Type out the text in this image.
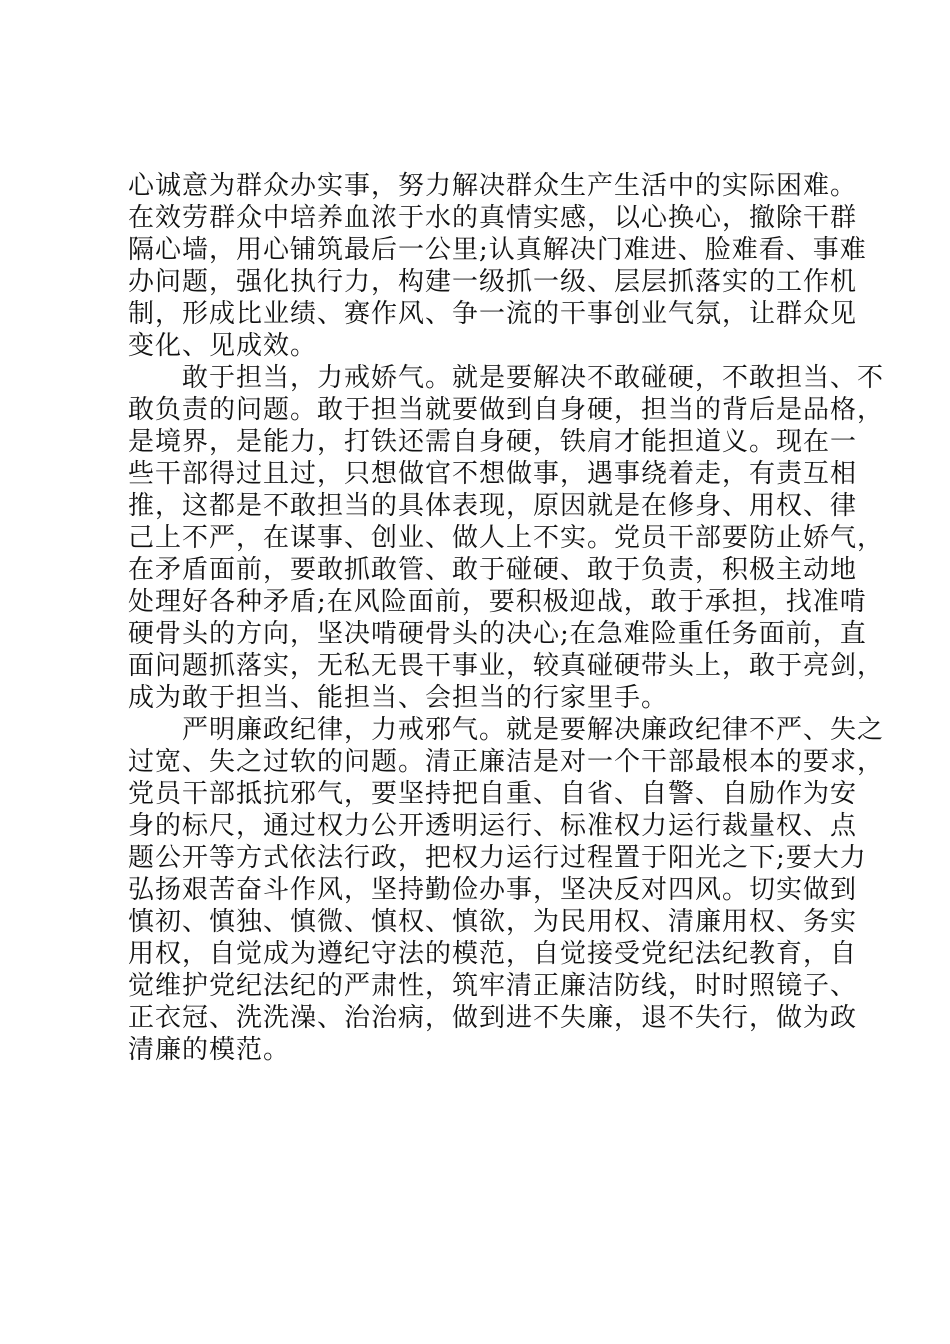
心诚意为群众办实事，努力解决群众生产生活中的实际困难。
在效劳群众中培养血浓于水的真情实感，以心换心，撤除干群
隔心墙，用心铺筑最后一公里;认真解决门难进、脸难看、事难
办问题，强化执行力，构建一级抓一级、层层抓落实的工作机
制，形成比业绩、赛作风、争一流的干事创业气氛，让群众见
变化、见成效。
　　敢于担当，力戒娇气。就是要解决不敢碰硬，不敢担当、不
敢负责的问题。敢于担当就要做到自身硬，担当的背后是品格，
是境界，是能力，打铁还需自身硬，铁肩才能担道义。现在一
些干部得过且过，只想做官不想做事，遇事绕着走，有责互相
推，这都是不敢担当的具体表现，原因就是在修身、用权、律
己上不严，在谋事、创业、做人上不实。党员干部要防止娇气，
在矛盾面前，要敢抓敢管、敢于碰硬、敢于负责，积极主动地
处理好各种矛盾;在风险面前，要积极迎战，敢于承担，找准啃
硬骨头的方向，坚决啃硬骨头的决心;在急难险重任务面前，直
面问题抓落实，无私无畏干事业，较真碰硬带头上，敢于亮剑，
成为敢于担当、能担当、会担当的行家里手。
　　严明廉政纪律，力戒邪气。就是要解决廉政纪律不严、失之
过宽、失之过软的问题。清正廉洁是对一个干部最根本的要求，
党员干部抵抗邪气，要坚持把自重、自省、自警、自励作为安
身的标尺，通过权力公开透明运行、标准权力运行裁量权、点
题公开等方式依法行政，把权力运行过程置于阳光之下;要大力
弘扬艰苦奋斗作风，坚持勤俭办事，坚决反对四风。切实做到
慎初、慎独、慎微、慎权、慎欲，为民用权、清廉用权、务实
用权，自觉成为遵纪守法的模范，自觉接受党纪法纪教育，自
觉维护党纪法纪的严肃性，筑牢清正廉洁防线，时时照镜子、
正衣冠、洗洗澡、治治病，做到进不失廉，退不失行，做为政
清廉的模范。
